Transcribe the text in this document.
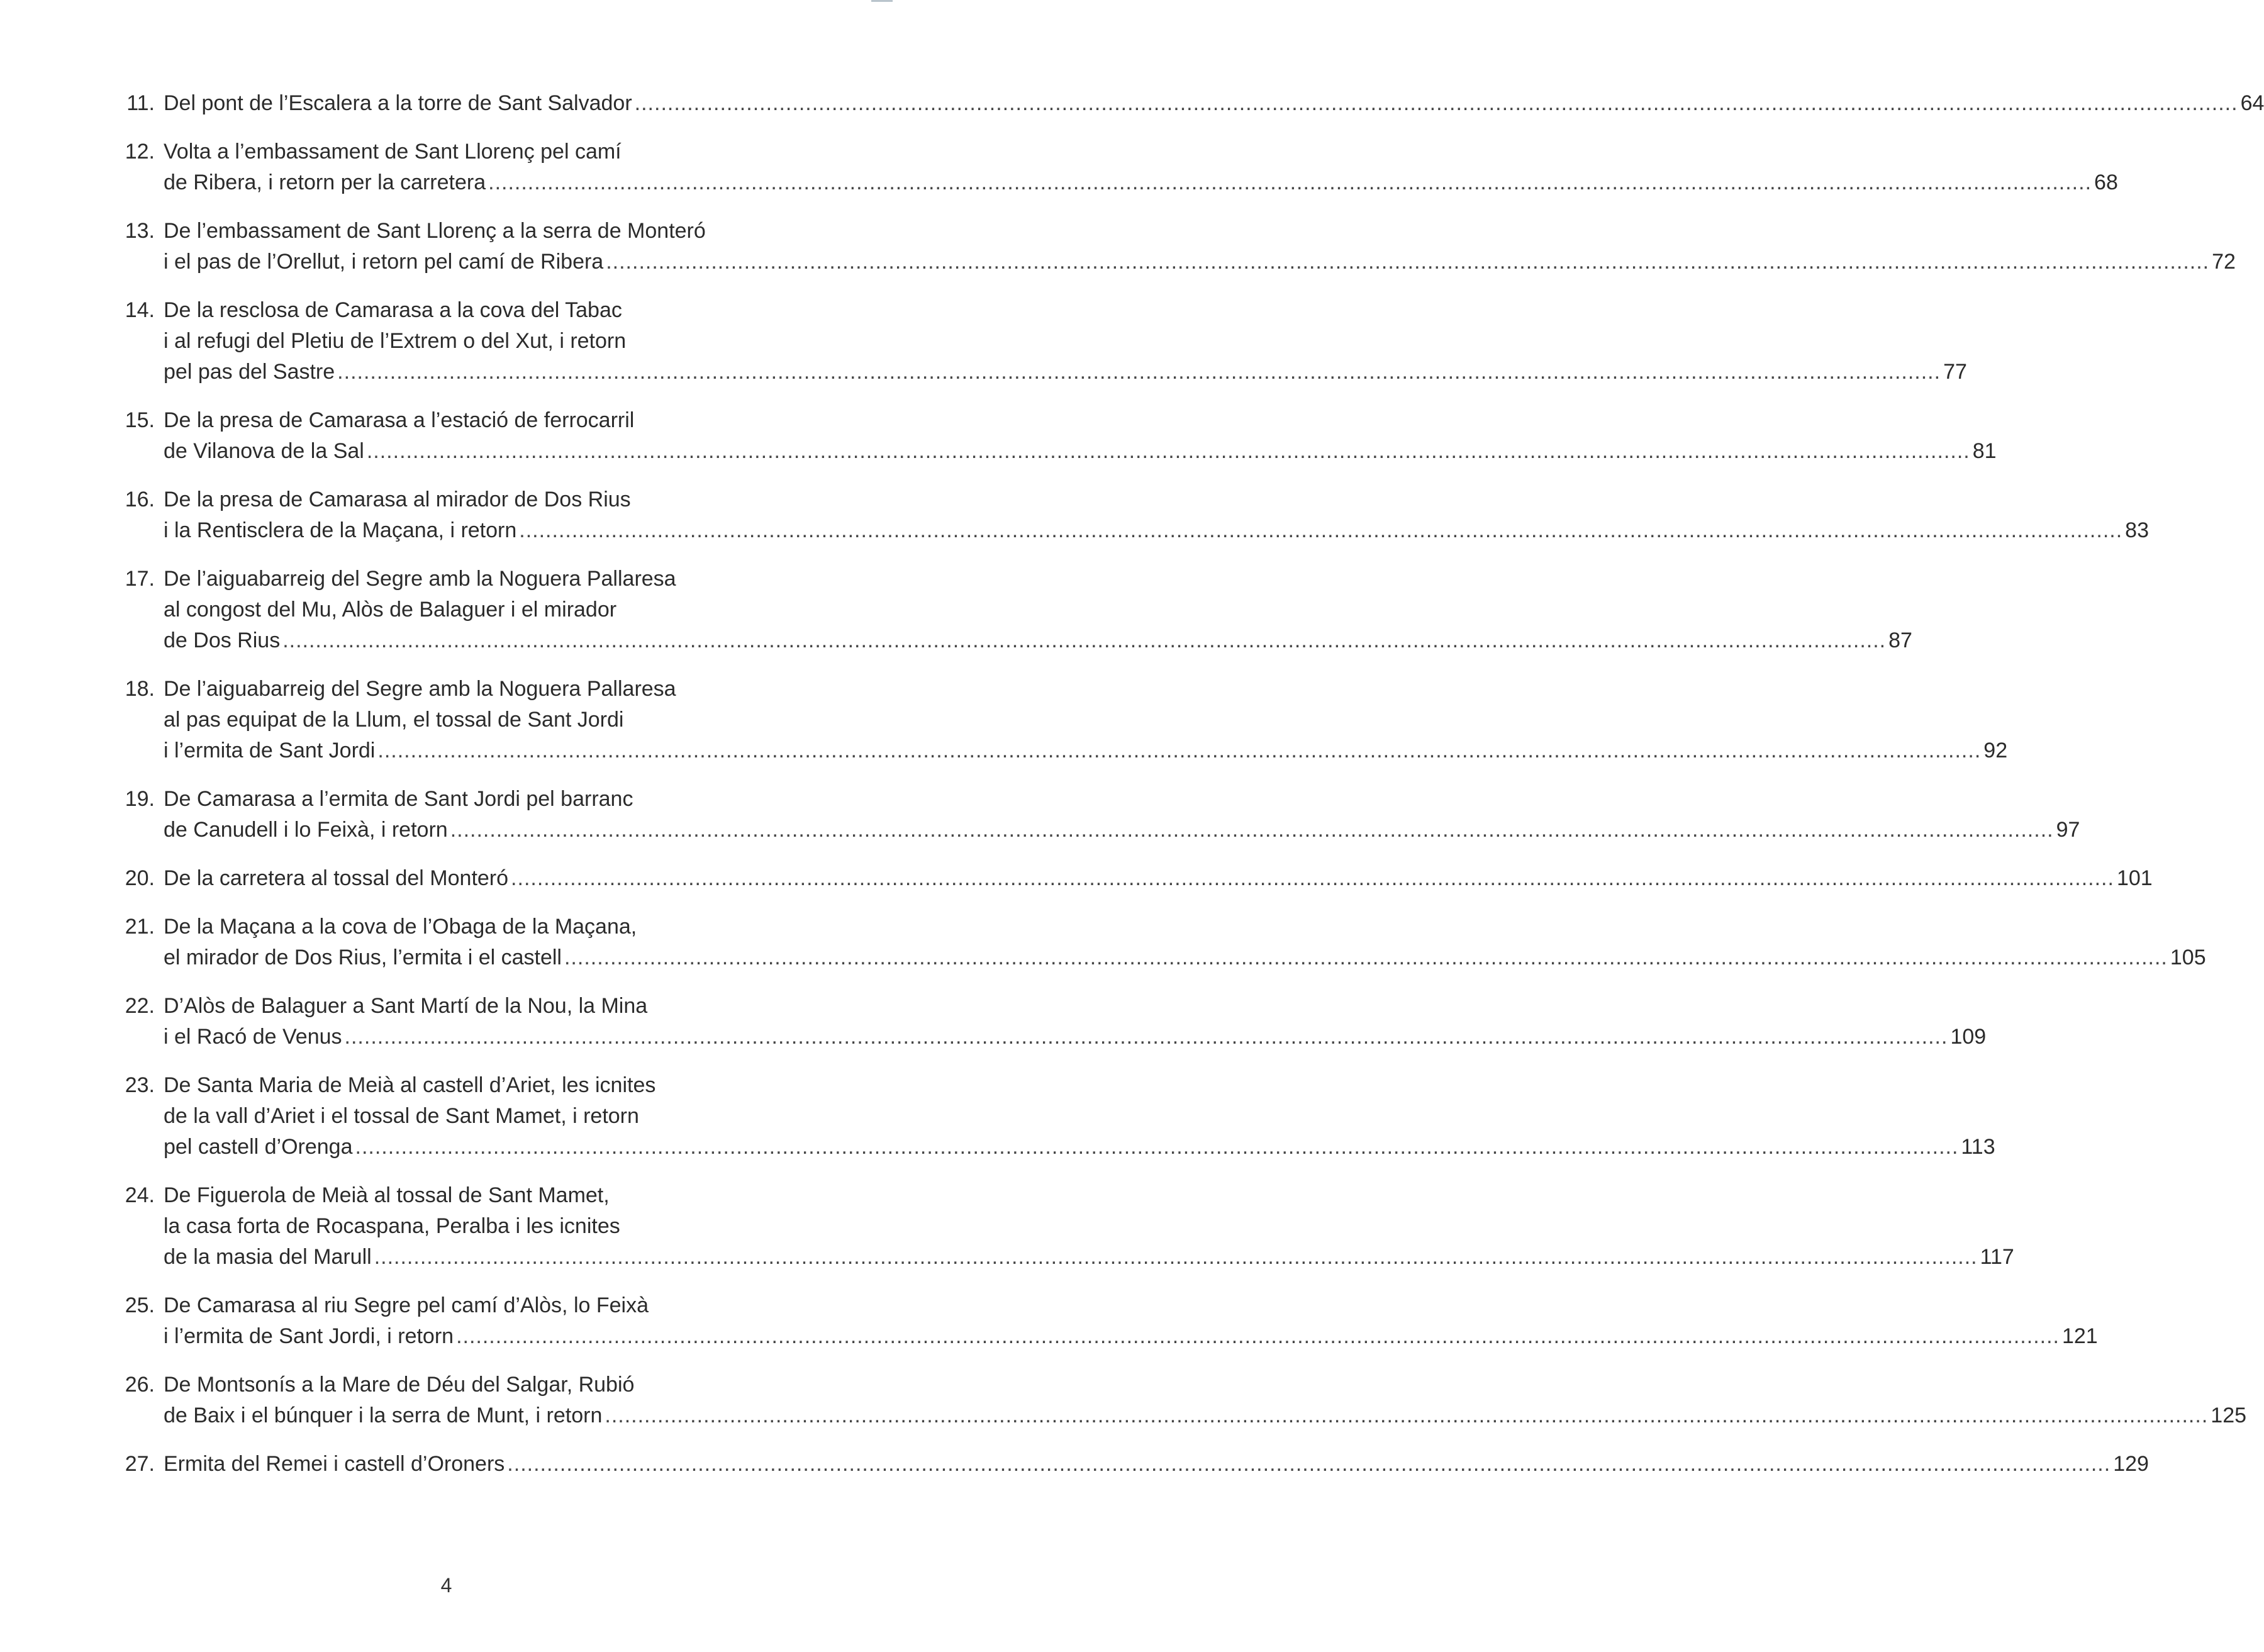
11. Del pont de l’Escalera a la torre de Sant Salvador .....	64
12. Volta a l’embassament de Sant Llorenç pel camí
de Ribera, i retorn per la carretera .....	68
13. De l’embassament de Sant Llorenç a la serra de Monteró
i el pas de l’Orellut, i retorn pel camí de Ribera .....	72
14. De la resclosa de Camarasa a la cova del Tabac
i al refugi del Pletiu de l’Extrem o del Xut, i retorn
pel pas del Sastre .....	77
15. De la presa de Camarasa a l’estació de ferrocarril
de Vilanova de la Sal .....	81
16. De la presa de Camarasa al mirador de Dos Rius
i la Rentisclera de la Maçana, i retorn .....	83
17. De l’aiguabarreig del Segre amb la Noguera Pallaresa
al congost del Mu, Alòs de Balaguer i el mirador
de Dos Rius .....	87
18. De l’aiguabarreig del Segre amb la Noguera Pallaresa
al pas equipat de la Llum, el tossal de Sant Jordi
i l’ermita de Sant Jordi .....	92
19. De Camarasa a l’ermita de Sant Jordi pel barranc
de Canudell i lo Feixà, i retorn .....	97
20. De la carretera al tossal del Monteró .....	101
21. De la Maçana a la cova de l’Obaga de la Maçana,
el mirador de Dos Rius, l’ermita i el castell .....	105
22. D’Alòs de Balaguer a Sant Martí de la Nou, la Mina
i el Racó de Venus .....	109
23. De Santa Maria de Meià al castell d’Ariet, les icnites
de la vall d’Ariet i el tossal de Sant Mamet, i retorn
pel castell d’Orenga .....	113
24. De Figuerola de Meià al tossal de Sant Mamet,
la casa forta de Rocaspana, Peralba i les icnites
de la masia del Marull .....	117
25. De Camarasa al riu Segre pel camí d’Alòs, lo Feixà
i l’ermita de Sant Jordi, i retorn .....	121
26. De Montsonís a la Mare de Déu del Salgar, Rubió
de Baix i el búnquer i la serra de Munt, i retorn .....	125
27. Ermita del Remei i castell d’Oroners .....	129
4
